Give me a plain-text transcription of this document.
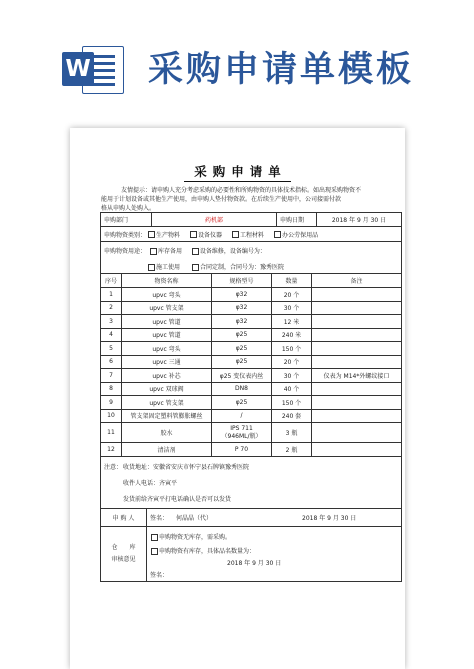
W 采购申请单模板
采购申请单
友情提示：请申购人充分考虑采购的必要性和所购物资的具体技术指标。如出现采购物资不
能用于计划设备或其他生产使用，由申购人垫付物资款。在后续生产使用中，公司接需付款
格从申购人处购入。
申购部门	药机部	申购日期	2018 年 9 月 30 日
申购物资类别： 生产物料	设备仪器	工程材料	办公劳保用品
申购物资用途： 库存备用	设备维修，设备编号为：
施工使用	合同定制，合同号为：豫秀医院
序号	物资名称	规格型号	数量	备注
1	upvc 弯头	φ32	20 个
2	upvc 管支架	φ32	30 个
3	upvc 管道	φ32	12 米
4	upvc 管道	φ25	240 米
5	upvc 弯头	φ25	150 个
6	upvc 三通	φ25	20 个
7	upvc 补芯	φ25 变仪表内丝	30 个	仪表为 M14*外螺纹接口
8	upvc 双球阀	DN8	40 个
9	upvc 管支架	φ25	150 个
10	管支架固定塑料管膨胀螺丝	/	240 套
11	胶水
IPS 711
（946ML/瓶）	3 瓶
12	清洁剂	P 70	2 瓶
注意： 收货地址：安徽省安庆市怀宁县石牌镇豫秀医院
收件人电话：齐寅平
发货前给齐寅平打电话确认是否可以发货
申 购 人	签名： 何晶晶（代）	2018 年 9 月 30 日
仓　　库
审核意见
申购物资无库存，需采购。
申购物资有库存，具体品名数量为：
2018 年 9 月 30 日
签名：
